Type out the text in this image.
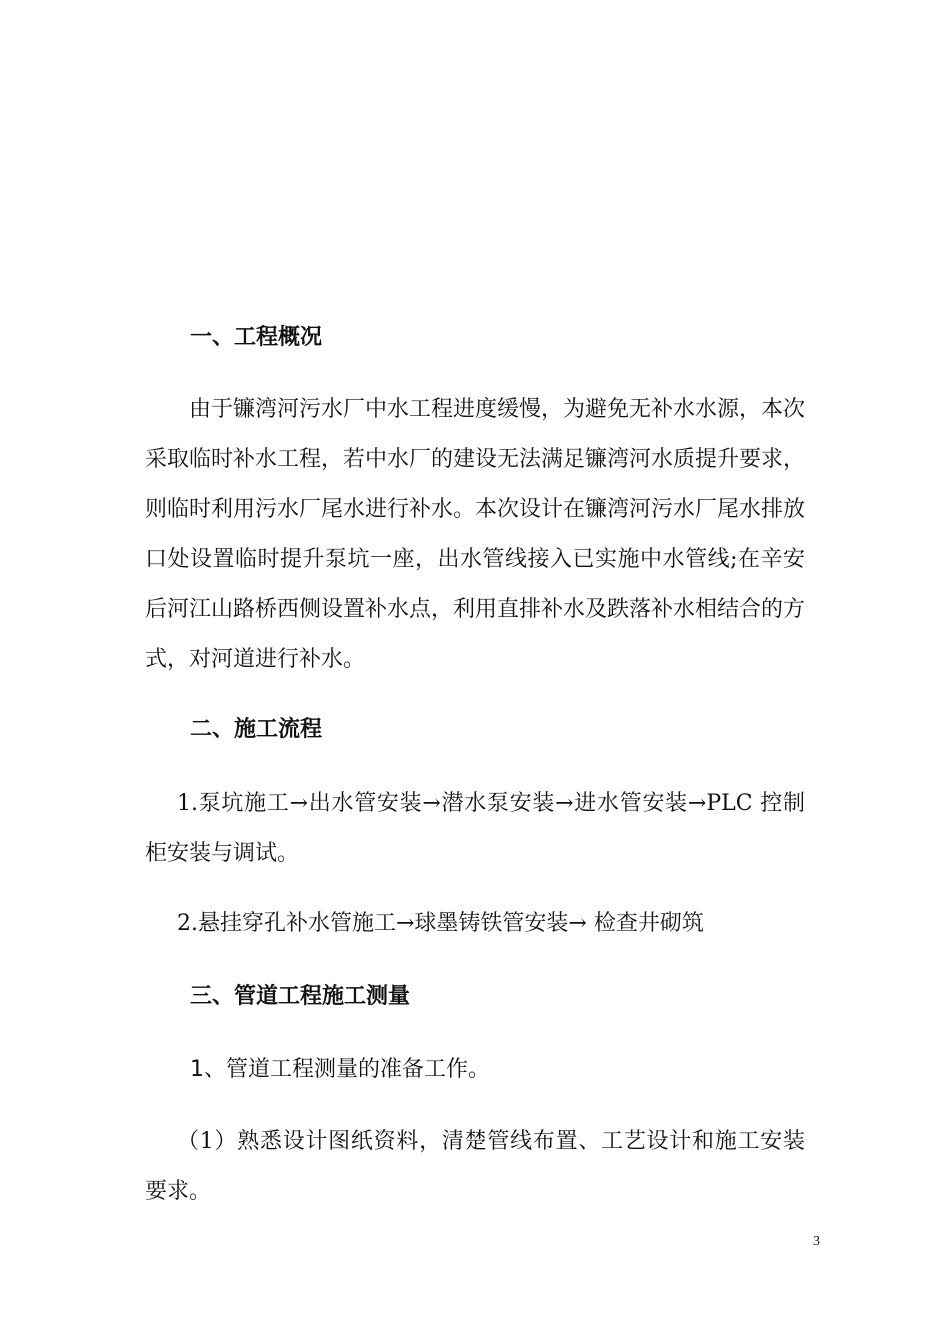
一、工程概况

由于镰湾河污水厂中水工程进度缓慢，为避免无补水水源，本次采取临时补水工程，若中水厂的建设无法满足镰湾河水质提升要求，则临时利用污水厂尾水进行补水。本次设计在镰湾河污水厂尾水排放口处设置临时提升泵坑一座，出水管线接入已实施中水管线;在辛安后河江山路桥西侧设置补水点，利用直排补水及跌落补水相结合的方式，对河道进行补水。

二、施工流程

1.泵坑施工→出水管安装→潜水泵安装→进水管安装→PLC 控制柜安装与调试。

2.悬挂穿孔补水管施工→球墨铸铁管安装→ 检查井砌筑

三、管道工程施工测量

1、管道工程测量的准备工作。

（1）熟悉设计图纸资料，清楚管线布置、工艺设计和施工安装要求。

3
